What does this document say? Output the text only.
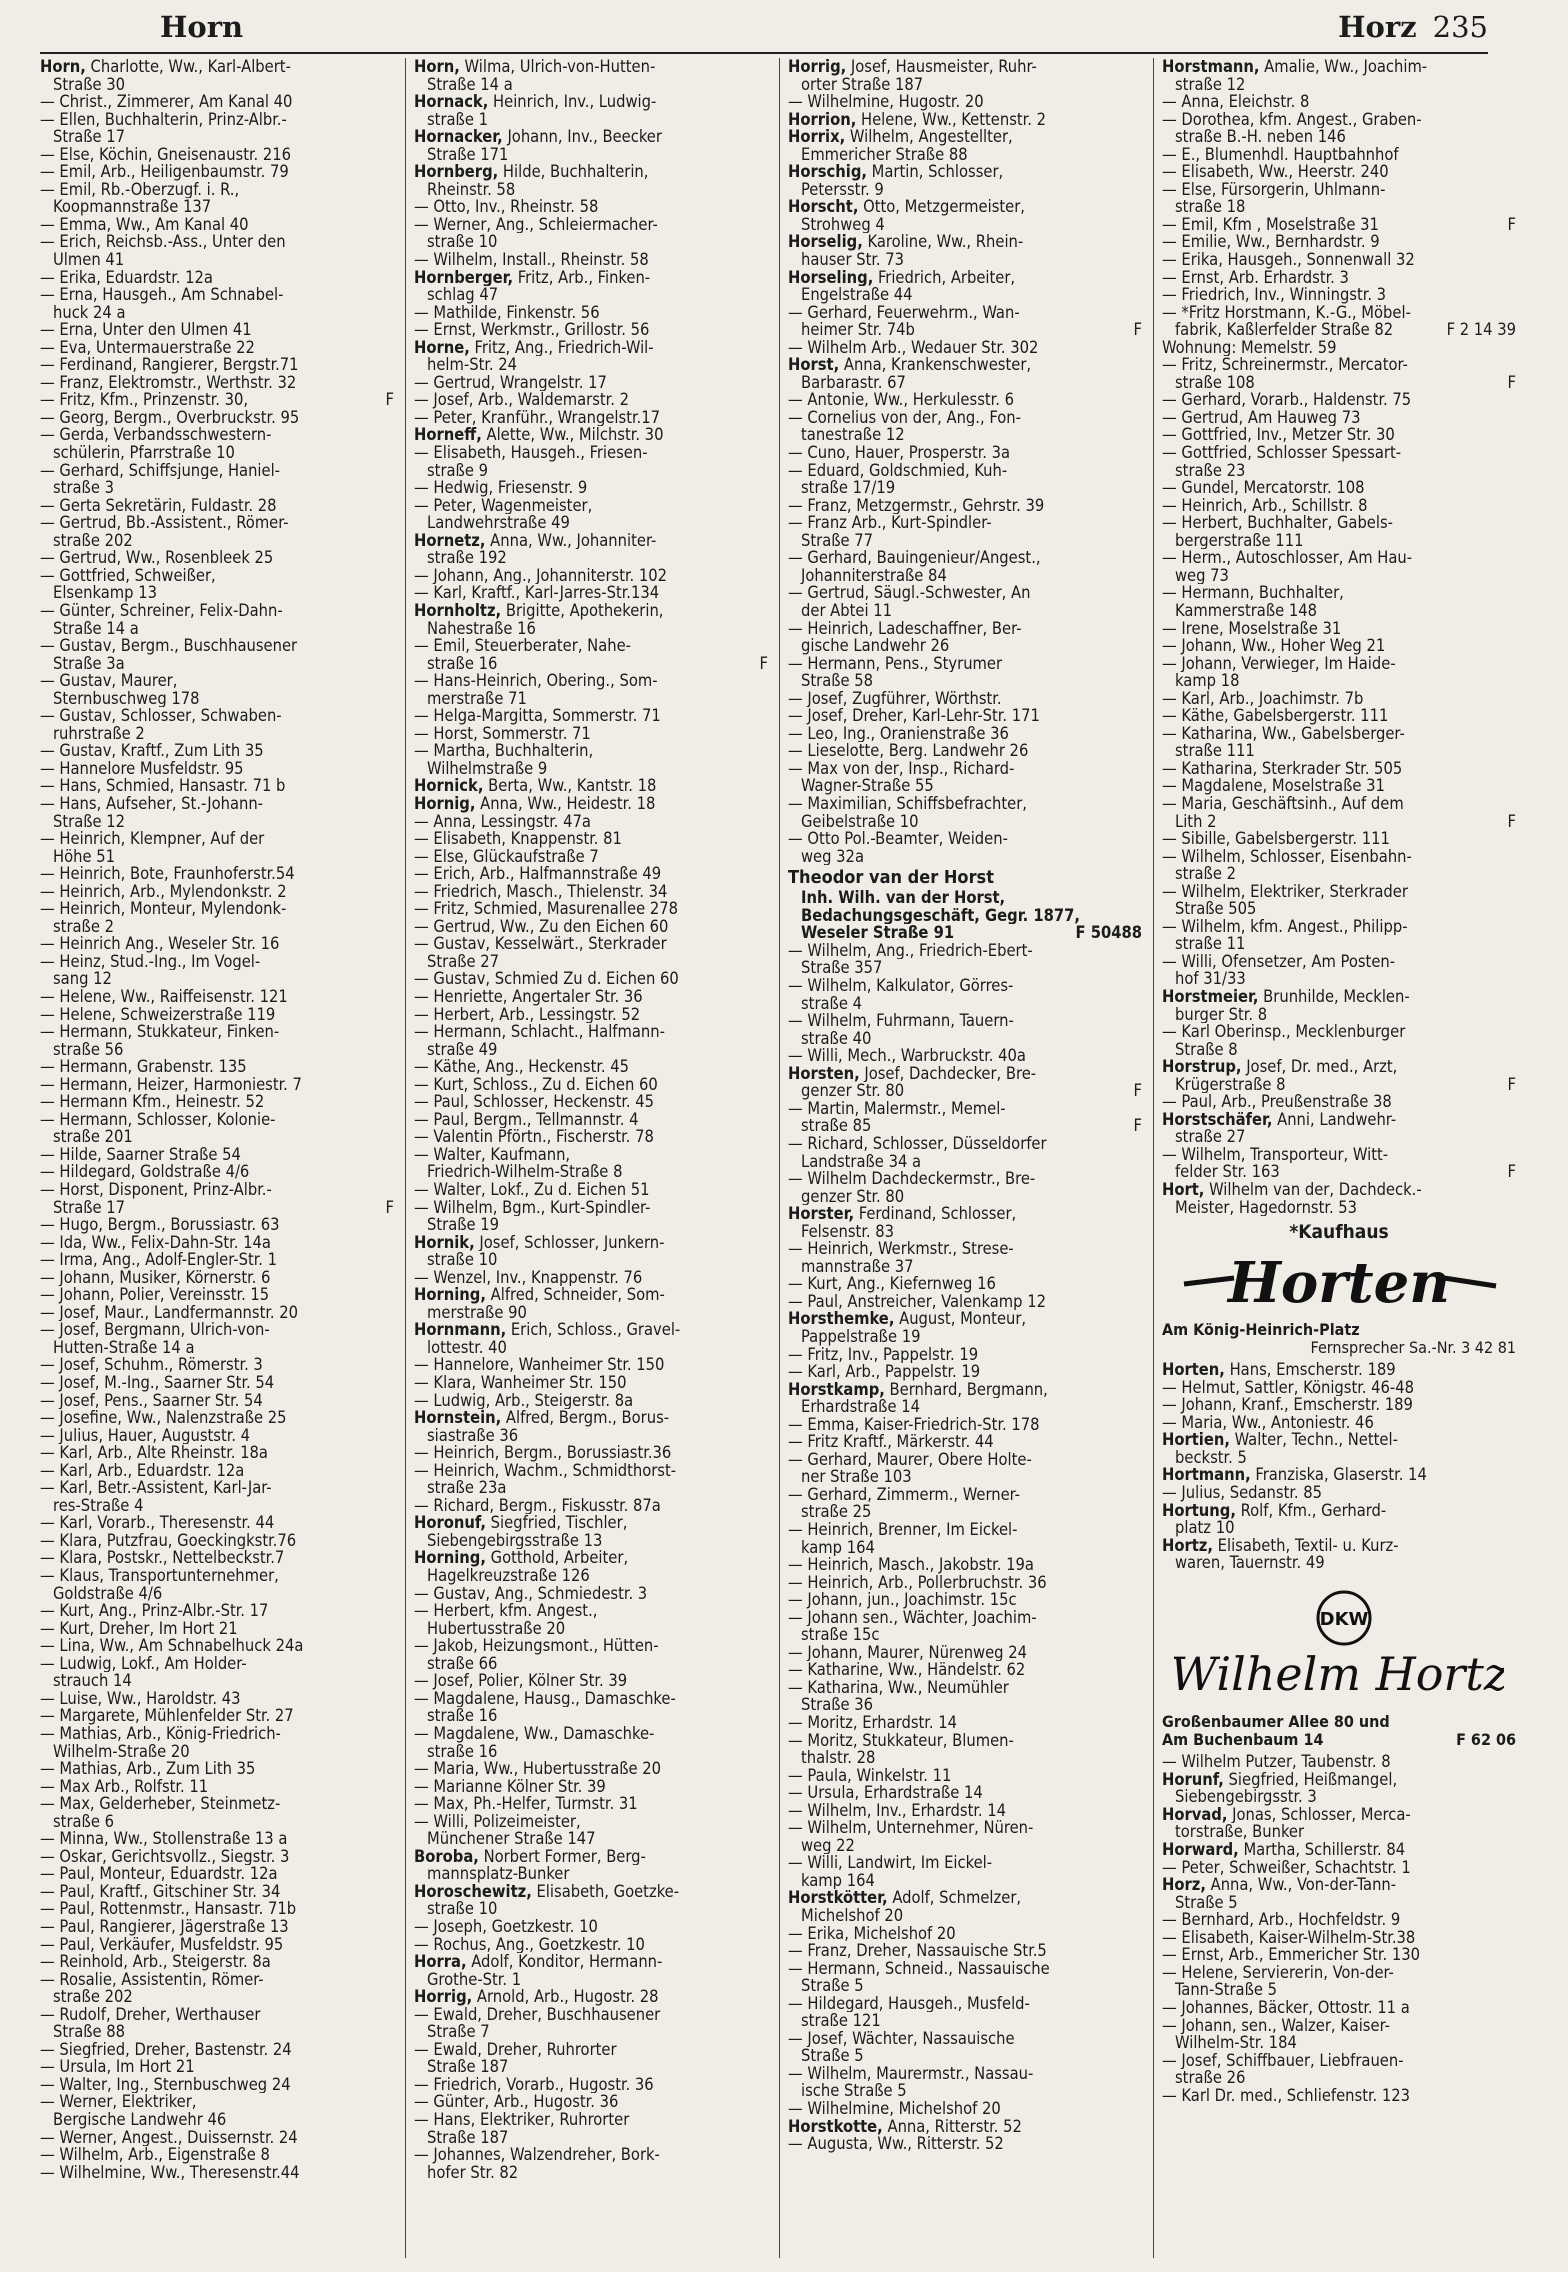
Horn	Horz 235
Horn, Charlotte, Ww., Karl-Albert-
Straße 30
— Christ., Zimmerer, Am Kanal 40
— Ellen, Buchhalterin, Prinz-Albr.-
Straße 17
— Else, Köchin, Gneisenaustr. 216
— Emil, Arb., Heiligenbaumstr. 79
— Emil, Rb.-Oberzugf. i. R.,
Koopmannstraße 137
— Emma, Ww., Am Kanal 40
— Erich, Reichsb.-Ass., Unter den
Ulmen 41
— Erika, Eduardstr. 12a
— Erna, Hausgeh., Am Schnabel-
huck 24 a
— Erna, Unter den Ulmen 41
— Eva, Untermauerstraße 22
— Ferdinand, Rangierer, Bergstr.71
— Franz, Elektromstr., Werthstr. 32
— Fritz, Kfm., Prinzenstr. 30,	F
— Georg, Bergm., Overbruckstr. 95
— Gerda, Verbandsschwestern-
schülerin, Pfarrstraße 10
— Gerhard, Schiffsjunge, Haniel-
straße 3
— Gerta Sekretärin, Fuldastr. 28
— Gertrud, Bb.-Assistent., Römer-
straße 202
— Gertrud, Ww., Rosenbleek 25
— Gottfried, Schweißer,
Elsenkamp 13
— Günter, Schreiner, Felix-Dahn-
Straße 14 a
— Gustav, Bergm., Buschhausener
Straße 3a
— Gustav, Maurer,
Sternbuschweg 178
— Gustav, Schlosser, Schwaben-
ruhrstraße 2
— Gustav, Kraftf., Zum Lith 35
— Hannelore Musfeldstr. 95
— Hans, Schmied, Hansastr. 71 b
— Hans, Aufseher, St.-Johann-
Straße 12
— Heinrich, Klempner, Auf der
Höhe 51
— Heinrich, Bote, Fraunhoferstr.54
— Heinrich, Arb., Mylendonkstr. 2
— Heinrich, Monteur, Mylendonk-
straße 2
— Heinrich Ang., Weseler Str. 16
— Heinz, Stud.-Ing., Im Vogel-
sang 12
— Helene, Ww., Raiffeisenstr. 121
— Helene, Schweizerstraße 119
— Hermann, Stukkateur, Finken-
straße 56
— Hermann, Grabenstr. 135
— Hermann, Heizer, Harmoniestr. 7
— Hermann Kfm., Heinestr. 52
— Hermann, Schlosser, Kolonie-
straße 201
— Hilde, Saarner Straße 54
— Hildegard, Goldstraße 4/6
— Horst, Disponent, Prinz-Albr.-
Straße 17	F
— Hugo, Bergm., Borussiastr. 63
— Ida, Ww., Felix-Dahn-Str. 14a
— Irma, Ang., Adolf-Engler-Str. 1
— Johann, Musiker, Körnerstr. 6
— Johann, Polier, Vereinsstr. 15
— Josef, Maur., Landfermannstr. 20
— Josef, Bergmann, Ulrich-von-
Hutten-Straße 14 a
— Josef, Schuhm., Römerstr. 3
— Josef, M.-Ing., Saarner Str. 54
— Josef, Pens., Saarner Str. 54
— Josefine, Ww., Nalenzstraße 25
— Julius, Hauer, Auguststr. 4
— Karl, Arb., Alte Rheinstr. 18a
— Karl, Arb., Eduardstr. 12a
— Karl, Betr.-Assistent, Karl-Jar-
res-Straße 4
— Karl, Vorarb., Theresenstr. 44
— Klara, Putzfrau, Goeckingkstr.76
— Klara, Postskr., Nettelbeckstr.7
— Klaus, Transportunternehmer,
Goldstraße 4/6
— Kurt, Ang., Prinz-Albr.-Str. 17
— Kurt, Dreher, Im Hort 21
— Lina, Ww., Am Schnabelhuck 24a
— Ludwig, Lokf., Am Holder-
strauch 14
— Luise, Ww., Haroldstr. 43
— Margarete, Mühlenfelder Str. 27
— Mathias, Arb., König-Friedrich-
Wilhelm-Straße 20
— Mathias, Arb., Zum Lith 35
— Max Arb., Rolfstr. 11
— Max, Gelderheber, Steinmetz-
straße 6
— Minna, Ww., Stollenstraße 13 a
— Oskar, Gerichtsvollz., Siegstr. 3
— Paul, Monteur, Eduardstr. 12a
— Paul, Kraftf., Gitschiner Str. 34
— Paul, Rottenmstr., Hansastr. 71b
— Paul, Rangierer, Jägerstraße 13
— Paul, Verkäufer, Musfeldstr. 95
— Reinhold, Arb., Steigerstr. 8a
— Rosalie, Assistentin, Römer-
straße 202
— Rudolf, Dreher, Werthauser
Straße 88
— Siegfried, Dreher, Bastenstr. 24
— Ursula, Im Hort 21
— Walter, Ing., Sternbuschweg 24
— Werner, Elektriker,
Bergische Landwehr 46
— Werner, Angest., Duissernstr. 24
— Wilhelm, Arb., Eigenstraße 8
— Wilhelmine, Ww., Theresenstr.44
Horn, Wilma, Ulrich-von-Hutten-
Straße 14 a
Hornack, Heinrich, Inv., Ludwig-
straße 1
Hornacker, Johann, Inv., Beecker
Straße 171
Hornberg, Hilde, Buchhalterin,
Rheinstr. 58
— Otto, Inv., Rheinstr. 58
— Werner, Ang., Schleiermacher-
straße 10
— Wilhelm, Install., Rheinstr. 58
Hornberger, Fritz, Arb., Finken-
schlag 47
— Mathilde, Finkenstr. 56
— Ernst, Werkmstr., Grillostr. 56
Horne, Fritz, Ang., Friedrich-Wil-
helm-Str. 24
— Gertrud, Wrangelstr. 17
— Josef, Arb., Waldemarstr. 2
— Peter, Kranführ., Wrangelstr.17
Horneff, Alette, Ww., Milchstr. 30
— Elisabeth, Hausgeh., Friesen-
straße 9
— Hedwig, Friesenstr. 9
— Peter, Wagenmeister,
Landwehrstraße 49
Hornetz, Anna, Ww., Johanniter-
straße 192
— Johann, Ang., Johanniterstr. 102
— Karl, Kraftf., Karl-Jarres-Str.134
Hornholtz, Brigitte, Apothekerin,
Nahestraße 16
— Emil, Steuerberater, Nahe-
straße 16	F
— Hans-Heinrich, Obering., Som-
merstraße 71
— Helga-Margitta, Sommerstr. 71
— Horst, Sommerstr. 71
— Martha, Buchhalterin,
Wilhelmstraße 9
Hornick, Berta, Ww., Kantstr. 18
Hornig, Anna, Ww., Heidestr. 18
— Anna, Lessingstr. 47a
— Elisabeth, Knappenstr. 81
— Else, Glückaufstraße 7
— Erich, Arb., Halfmannstraße 49
— Friedrich, Masch., Thielenstr. 34
— Fritz, Schmied, Masurenallee 278
— Gertrud, Ww., Zu den Eichen 60
— Gustav, Kesselwärt., Sterkrader
Straße 27
— Gustav, Schmied Zu d. Eichen 60
— Henriette, Angertaler Str. 36
— Herbert, Arb., Lessingstr. 52
— Hermann, Schlacht., Halfmann-
straße 49
— Käthe, Ang., Heckenstr. 45
— Kurt, Schloss., Zu d. Eichen 60
— Paul, Schlosser, Heckenstr. 45
— Paul, Bergm., Tellmannstr. 4
— Valentin Pförtn., Fischerstr. 78
— Walter, Kaufmann,
Friedrich-Wilhelm-Straße 8
— Walter, Lokf., Zu d. Eichen 51
— Wilhelm, Bgm., Kurt-Spindler-
Straße 19
Hornik, Josef, Schlosser, Junkern-
straße 10
— Wenzel, Inv., Knappenstr. 76
Horning, Alfred, Schneider, Som-
merstraße 90
Hornmann, Erich, Schloss., Gravel-
lottestr. 40
— Hannelore, Wanheimer Str. 150
— Klara, Wanheimer Str. 150
— Ludwig, Arb., Steigerstr. 8a
Hornstein, Alfred, Bergm., Borus-
siastraße 36
— Heinrich, Bergm., Borussiastr.36
— Heinrich, Wachm., Schmidthorst-
straße 23a
— Richard, Bergm., Fiskusstr. 87a
Horonuf, Siegfried, Tischler,
Siebengebirgsstraße 13
Horning, Gotthold, Arbeiter,
Hagelkreuzstraße 126
— Gustav, Ang., Schmiedestr. 3
— Herbert, kfm. Angest.,
Hubertusstraße 20
— Jakob, Heizungsmont., Hütten-
straße 66
— Josef, Polier, Kölner Str. 39
— Magdalene, Hausg., Damaschke-
straße 16
— Magdalene, Ww., Damaschke-
straße 16
— Maria, Ww., Hubertusstraße 20
— Marianne Kölner Str. 39
— Max, Ph.-Helfer, Turmstr. 31
— Willi, Polizeimeister,
Münchener Straße 147
Boroba, Norbert Former, Berg-
mannsplatz-Bunker
Horoschewitz, Elisabeth, Goetzke-
straße 10
— Joseph, Goetzkestr. 10
— Rochus, Ang., Goetzkestr. 10
Horra, Adolf, Konditor, Hermann-
Grothe-Str. 1
Horrig, Arnold, Arb., Hugostr. 28
— Ewald, Dreher, Buschhausener
Straße 7
— Ewald, Dreher, Ruhrorter
Straße 187
— Friedrich, Vorarb., Hugostr. 36
— Günter, Arb., Hugostr. 36
— Hans, Elektriker, Ruhrorter
Straße 187
— Johannes, Walzendreher, Bork-
hofer Str. 82
Horrig, Josef, Hausmeister, Ruhr-
orter Straße 187
— Wilhelmine, Hugostr. 20
Horrion, Helene, Ww., Kettenstr. 2
Horrix, Wilhelm, Angestellter,
Emmericher Straße 88
Horschig, Martin, Schlosser,
Petersstr. 9
Horscht, Otto, Metzgermeister,
Strohweg 4
Horselig, Karoline, Ww., Rhein-
hauser Str. 73
Horseling, Friedrich, Arbeiter,
Engelstraße 44
— Gerhard, Feuerwehrm., Wan-
heimer Str. 74b	F
— Wilhelm Arb., Wedauer Str. 302
Horst, Anna, Krankenschwester,
Barbarastr. 67
— Antonie, Ww., Herkulesstr. 6
— Cornelius von der, Ang., Fon-
tanestraße 12
— Cuno, Hauer, Prosperstr. 3a
— Eduard, Goldschmied, Kuh-
straße 17/19
— Franz, Metzgermstr., Gehrstr. 39
— Franz Arb., Kurt-Spindler-
Straße 77
— Gerhard, Bauingenieur/Angest.,
Johanniterstraße 84
— Gertrud, Säugl.-Schwester, An
der Abtei 11
— Heinrich, Ladeschaffner, Ber-
gische Landwehr 26
— Hermann, Pens., Styrumer
Straße 58
— Josef, Zugführer, Wörthstr.
— Josef, Dreher, Karl-Lehr-Str. 171
— Leo, Ing., Oranienstraße 36
— Lieselotte, Berg. Landwehr 26
— Max von der, Insp., Richard-
Wagner-Straße 55
— Maximilian, Schiffsbefrachter,
Geibelstraße 10
— Otto Pol.-Beamter, Weiden-
weg 32a
Theodor van der Horst
Inh. Wilh. van der Horst,
Bedachungsgeschäft, Gegr. 1877,
Weseler Straße 91	F 50488
— Wilhelm, Ang., Friedrich-Ebert-
Straße 357
— Wilhelm, Kalkulator, Görres-
straße 4
— Wilhelm, Fuhrmann, Tauern-
straße 40
— Willi, Mech., Warbruckstr. 40a
Horsten, Josef, Dachdecker, Bre-
genzer Str. 80	F
— Martin, Malermstr., Memel-
straße 85	F
— Richard, Schlosser, Düsseldorfer
Landstraße 34 a
— Wilhelm Dachdeckermstr., Bre-
genzer Str. 80
Horster, Ferdinand, Schlosser,
Felsenstr. 83
— Heinrich, Werkmstr., Strese-
mannstraße 37
— Kurt, Ang., Kiefernweg 16
— Paul, Anstreicher, Valenkamp 12
Horsthemke, August, Monteur,
Pappelstraße 19
— Fritz, Inv., Pappelstr. 19
— Karl, Arb., Pappelstr. 19
Horstkamp, Bernhard, Bergmann,
Erhardstraße 14
— Emma, Kaiser-Friedrich-Str. 178
— Fritz Kraftf., Märkerstr. 44
— Gerhard, Maurer, Obere Holte-
ner Straße 103
— Gerhard, Zimmerm., Werner-
straße 25
— Heinrich, Brenner, Im Eickel-
kamp 164
— Heinrich, Masch., Jakobstr. 19a
— Heinrich, Arb., Pollerbruchstr. 36
— Johann, jun., Joachimstr. 15c
— Johann sen., Wächter, Joachim-
straße 15c
— Johann, Maurer, Nürenweg 24
— Katharine, Ww., Händelstr. 62
— Katharina, Ww., Neumühler
Straße 36
— Moritz, Erhardstr. 14
— Moritz, Stukkateur, Blumen-
thalstr. 28
— Paula, Winkelstr. 11
— Ursula, Erhardstraße 14
— Wilhelm, Inv., Erhardstr. 14
— Wilhelm, Unternehmer, Nüren-
weg 22
— Willi, Landwirt, Im Eickel-
kamp 164
Horstkötter, Adolf, Schmelzer,
Michelshof 20
— Erika, Michelshof 20
— Franz, Dreher, Nassauische Str.5
— Hermann, Schneid., Nassauische
Straße 5
— Hildegard, Hausgeh., Musfeld-
straße 121
— Josef, Wächter, Nassauische
Straße 5
— Wilhelm, Maurermstr., Nassau-
ische Straße 5
— Wilhelmine, Michelshof 20
Horstkotte, Anna, Ritterstr. 52
— Augusta, Ww., Ritterstr. 52
Horstmann, Amalie, Ww., Joachim-
straße 12
— Anna, Eleichstr. 8
— Dorothea, kfm. Angest., Graben-
straße B.-H. neben 146
— E., Blumenhdl. Hauptbahnhof
— Elisabeth, Ww., Heerstr. 240
— Else, Fürsorgerin, Uhlmann-
straße 18
— Emil, Kfm , Moselstraße 31	F
— Emilie, Ww., Bernhardstr. 9
— Erika, Hausgeh., Sonnenwall 32
— Ernst, Arb. Erhardstr. 3
— Friedrich, Inv., Winningstr. 3
— *Fritz Horstmann, K.-G., Möbel-
fabrik, Kaßlerfelder Straße 82	F 2 14 39
Wohnung: Memelstr. 59
— Fritz, Schreinermstr., Mercator-
straße 108	F
— Gerhard, Vorarb., Haldenstr. 75
— Gertrud, Am Hauweg 73
— Gottfried, Inv., Metzer Str. 30
— Gottfried, Schlosser Spessart-
straße 23
— Gundel, Mercatorstr. 108
— Heinrich, Arb., Schillstr. 8
— Herbert, Buchhalter, Gabels-
bergerstraße 111
— Herm., Autoschlosser, Am Hau-
weg 73
— Hermann, Buchhalter,
Kammerstraße 148
— Irene, Moselstraße 31
— Johann, Ww., Hoher Weg 21
— Johann, Verwieger, Im Haide-
kamp 18
— Karl, Arb., Joachimstr. 7b
— Käthe, Gabelsbergerstr. 111
— Katharina, Ww., Gabelsberger-
straße 111
— Katharina, Sterkrader Str. 505
— Magdalene, Moselstraße 31
— Maria, Geschäftsinh., Auf dem
Lith 2	F
— Sibille, Gabelsbergerstr. 111
— Wilhelm, Schlosser, Eisenbahn-
straße 2
— Wilhelm, Elektriker, Sterkrader
Straße 505
— Wilhelm, kfm. Angest., Philipp-
straße 11
— Willi, Ofensetzer, Am Posten-
hof 31/33
Horstmeier, Brunhilde, Mecklen-
burger Str. 8
— Karl Oberinsp., Mecklenburger
Straße 8
Horstrup, Josef, Dr. med., Arzt,
Krügerstraße 8	F
— Paul, Arb., Preußenstraße 38
Horstschäfer, Anni, Landwehr-
straße 27
— Wilhelm, Transporteur, Witt-
felder Str. 163	F
Hort, Wilhelm van der, Dachdeck.-
Meister, Hagedornstr. 53
*Kaufhaus
Horten
Am König-Heinrich-Platz
Fernsprecher Sa.-Nr. 3 42 81
Horten, Hans, Emscherstr. 189
— Helmut, Sattler, Königstr. 46-48
— Johann, Kranf., Emscherstr. 189
— Maria, Ww., Antoniestr. 46
Hortien, Walter, Techn., Nettel-
beckstr. 5
Hortmann, Franziska, Glaserstr. 14
— Julius, Sedanstr. 85
Hortung, Rolf, Kfm., Gerhard-
platz 10
Hortz, Elisabeth, Textil- u. Kurz-
waren, Tauernstr. 49
DKW
Wilhelm Hortz
Großenbaumer Allee 80 und
Am Buchenbaum 14	F 62 06
— Wilhelm Putzer, Taubenstr. 8
Horunf, Siegfried, Heißmangel,
Siebengebirgsstr. 3
Horvad, Jonas, Schlosser, Merca-
torstraße, Bunker
Horward, Martha, Schillerstr. 84
— Peter, Schweißer, Schachtstr. 1
Horz, Anna, Ww., Von-der-Tann-
Straße 5
— Bernhard, Arb., Hochfeldstr. 9
— Elisabeth, Kaiser-Wilhelm-Str.38
— Ernst, Arb., Emmericher Str. 130
— Helene, Serviererin, Von-der-
Tann-Straße 5
— Johannes, Bäcker, Ottostr. 11 a
— Johann, sen., Walzer, Kaiser-
Wilhelm-Str. 184
— Josef, Schiffbauer, Liebfrauen-
straße 26
— Karl Dr. med., Schliefenstr. 123
